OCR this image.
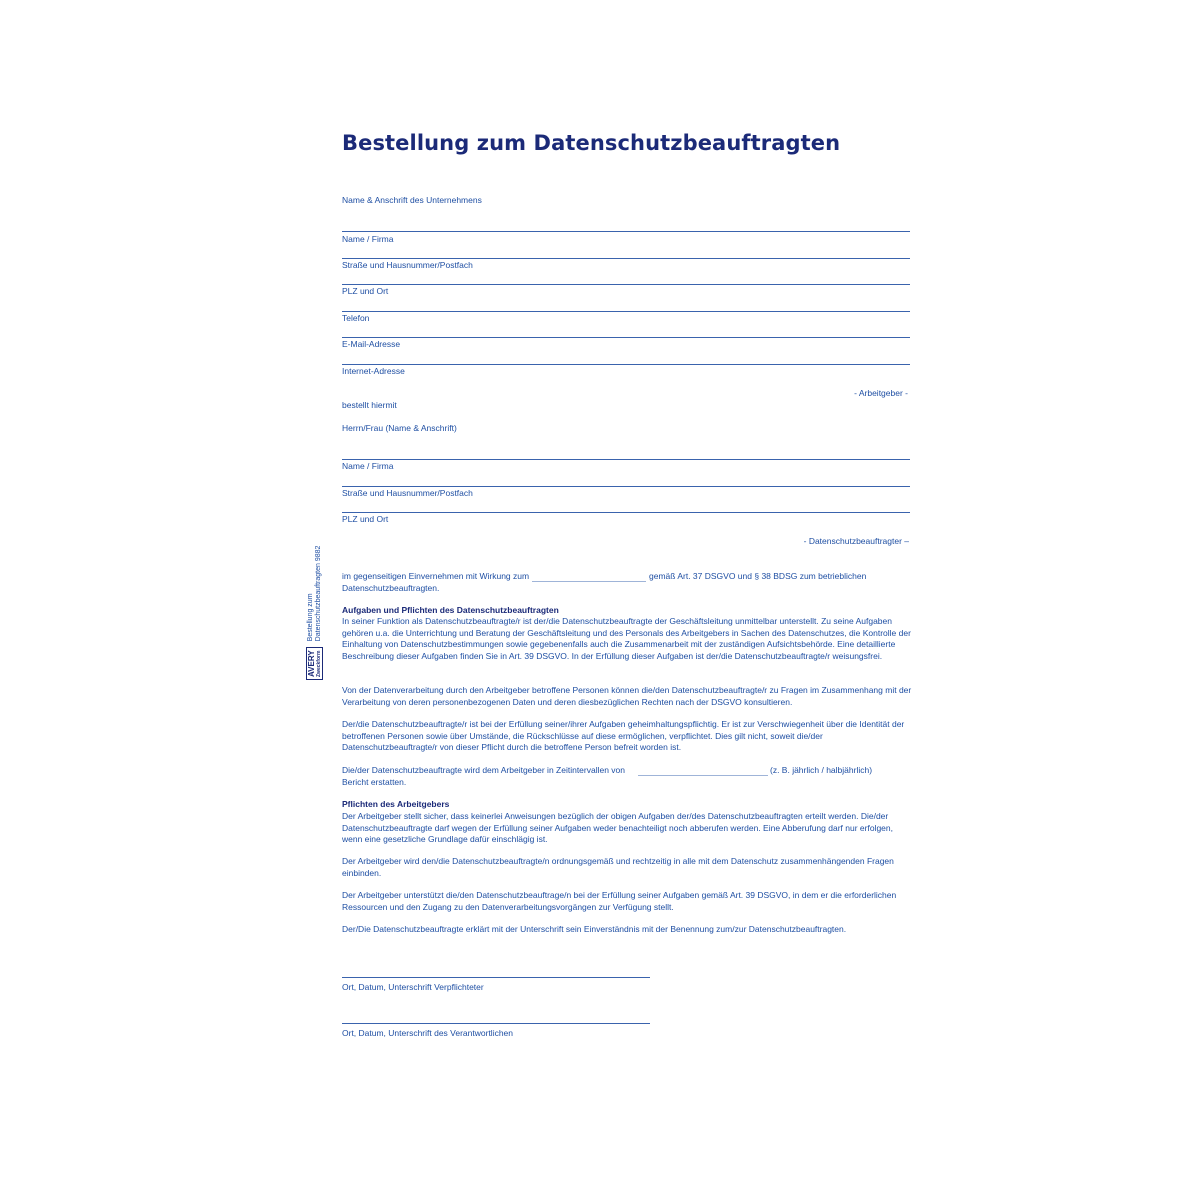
Bestellung zum Datenschutzbeauftragten
Name & Anschrift des Unternehmens
Name / Firma
Straße und Hausnummer/Postfach
PLZ und Ort
Telefon
E-Mail-Adresse
Internet-Adresse
- Arbeitgeber -
bestellt hiermit
Herrn/Frau (Name & Anschrift)
Name / Firma
Straße und Hausnummer/Postfach
PLZ und Ort
- Datenschutzbeauftragter –
im gegenseitigen Einvernehmen mit Wirkung zum	gemäß Art. 37 DSGVO und § 38 BDSG zum betrieblichen
Datenschutzbeauftragten.
Aufgaben und Pflichten des Datenschutzbeauftragten

In seiner Funktion als Datenschutzbeauftragte/r ist der/die Datenschutzbeauftragte der Geschäftsleitung unmittelbar unterstellt. Zu seine Aufgaben gehören u.a. die Unterrichtung und Beratung der Geschäftsleitung und des Personals des Arbeitgebers in Sachen des Datenschutzes, die Kontrolle der Einhaltung von Datenschutzbestimmungen sowie gegebenenfalls auch die Zusammenarbeit mit der zuständigen Aufsichtsbehörde. Eine detaillierte Beschreibung dieser Aufgaben finden Sie in Art. 39 DSGVO. In der Erfüllung dieser Aufgaben ist der/die Datenschutzbeauftragte/r weisungsfrei.

Von der Datenverarbeitung durch den Arbeitgeber betroffene Personen können die/den Datenschutzbeauftragte/r zu Fragen im Zusammenhang mit der Verarbeitung von deren personenbezogenen Daten und deren diesbezüglichen Rechten nach der DSGVO konsultieren.

Der/die Datenschutzbeauftragte/r ist bei der Erfüllung seiner/ihrer Aufgaben geheimhaltungspflichtig. Er ist zur Verschwiegenheit über die Identität der betroffenen Personen sowie über Umstände, die Rückschlüsse auf diese ermöglichen, verpflichtet. Dies gilt nicht, soweit die/der Datenschutzbeauftragte/r von dieser Pflicht durch die betroffene Person befreit worden ist.

Die/der Datenschutzbeauftragte wird dem Arbeitgeber in Zeitintervallen von	(z. B. jährlich / halbjährlich)
Bericht erstatten.
Pflichten des Arbeitgebers

Der Arbeitgeber stellt sicher, dass keinerlei Anweisungen bezüglich der obigen Aufgaben der/des Datenschutzbeauftragten erteilt werden. Die/der Datenschutzbeauftragte darf wegen der Erfüllung seiner Aufgaben weder benachteiligt noch abberufen werden. Eine Abberufung darf nur erfolgen, wenn eine gesetzliche Grundlage dafür einschlägig ist.

Der Arbeitgeber wird den/die Datenschutzbeauftragte/n ordnungsgemäß und rechtzeitig in alle mit dem Datenschutz zusammenhängenden Fragen einbinden.

Der Arbeitgeber unterstützt die/den Datenschutzbeauftrage/n bei der Erfüllung seiner Aufgaben gemäß Art. 39 DSGVO, in dem er die erforderlichen Ressourcen und den Zugang zu den Datenverarbeitungsvorgängen zur Verfügung stellt.

Der/Die Datenschutzbeauftragte erklärt mit der Unterschrift sein Einverständnis mit der Benennung zum/zur Datenschutzbeauftragten.

Ort, Datum, Unterschrift Verpflichteter
Ort, Datum, Unterschrift des Verantwortlichen
AVERY Zweckform
Bestellung zum Datenschutzbeauftragten 9882
